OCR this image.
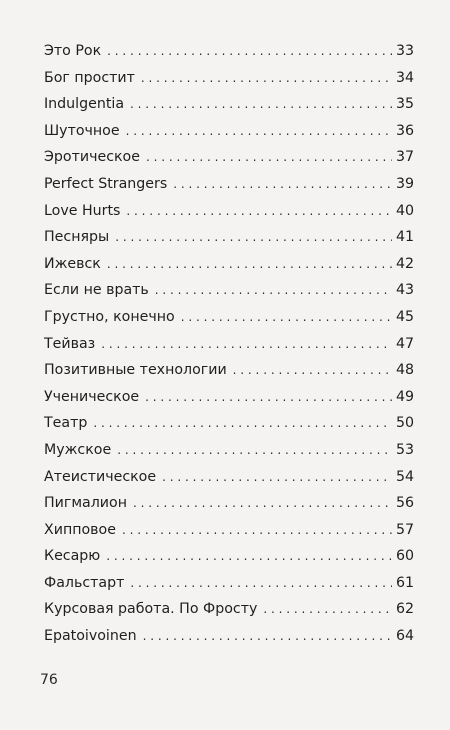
Это Рок . . .	33
Бог простит . . .	34
Indulgentia . . .	35
Шуточное . . .	36
Эротическое . . .	37
Perfect Strangers . . .	39
Love Hurts . . .	40
Песняры . . .	41
Ижевск . . .	42
Если не врать . . .	43
Грустно, конечно . . .	45
Тейваз . . .	47
Позитивные технологии . . .	48
Ученическое . . .	49
Театр . . .	50
Мужское . . .	53
Атеистическое . . .	54
Пигмалион . . .	56
Хипповое . . .	57
Кесарю . . .	60
Фальстарт . . .	61
Курсовая работа. По Фросту . . .	62
Epatoivoinen . . .	64
76
